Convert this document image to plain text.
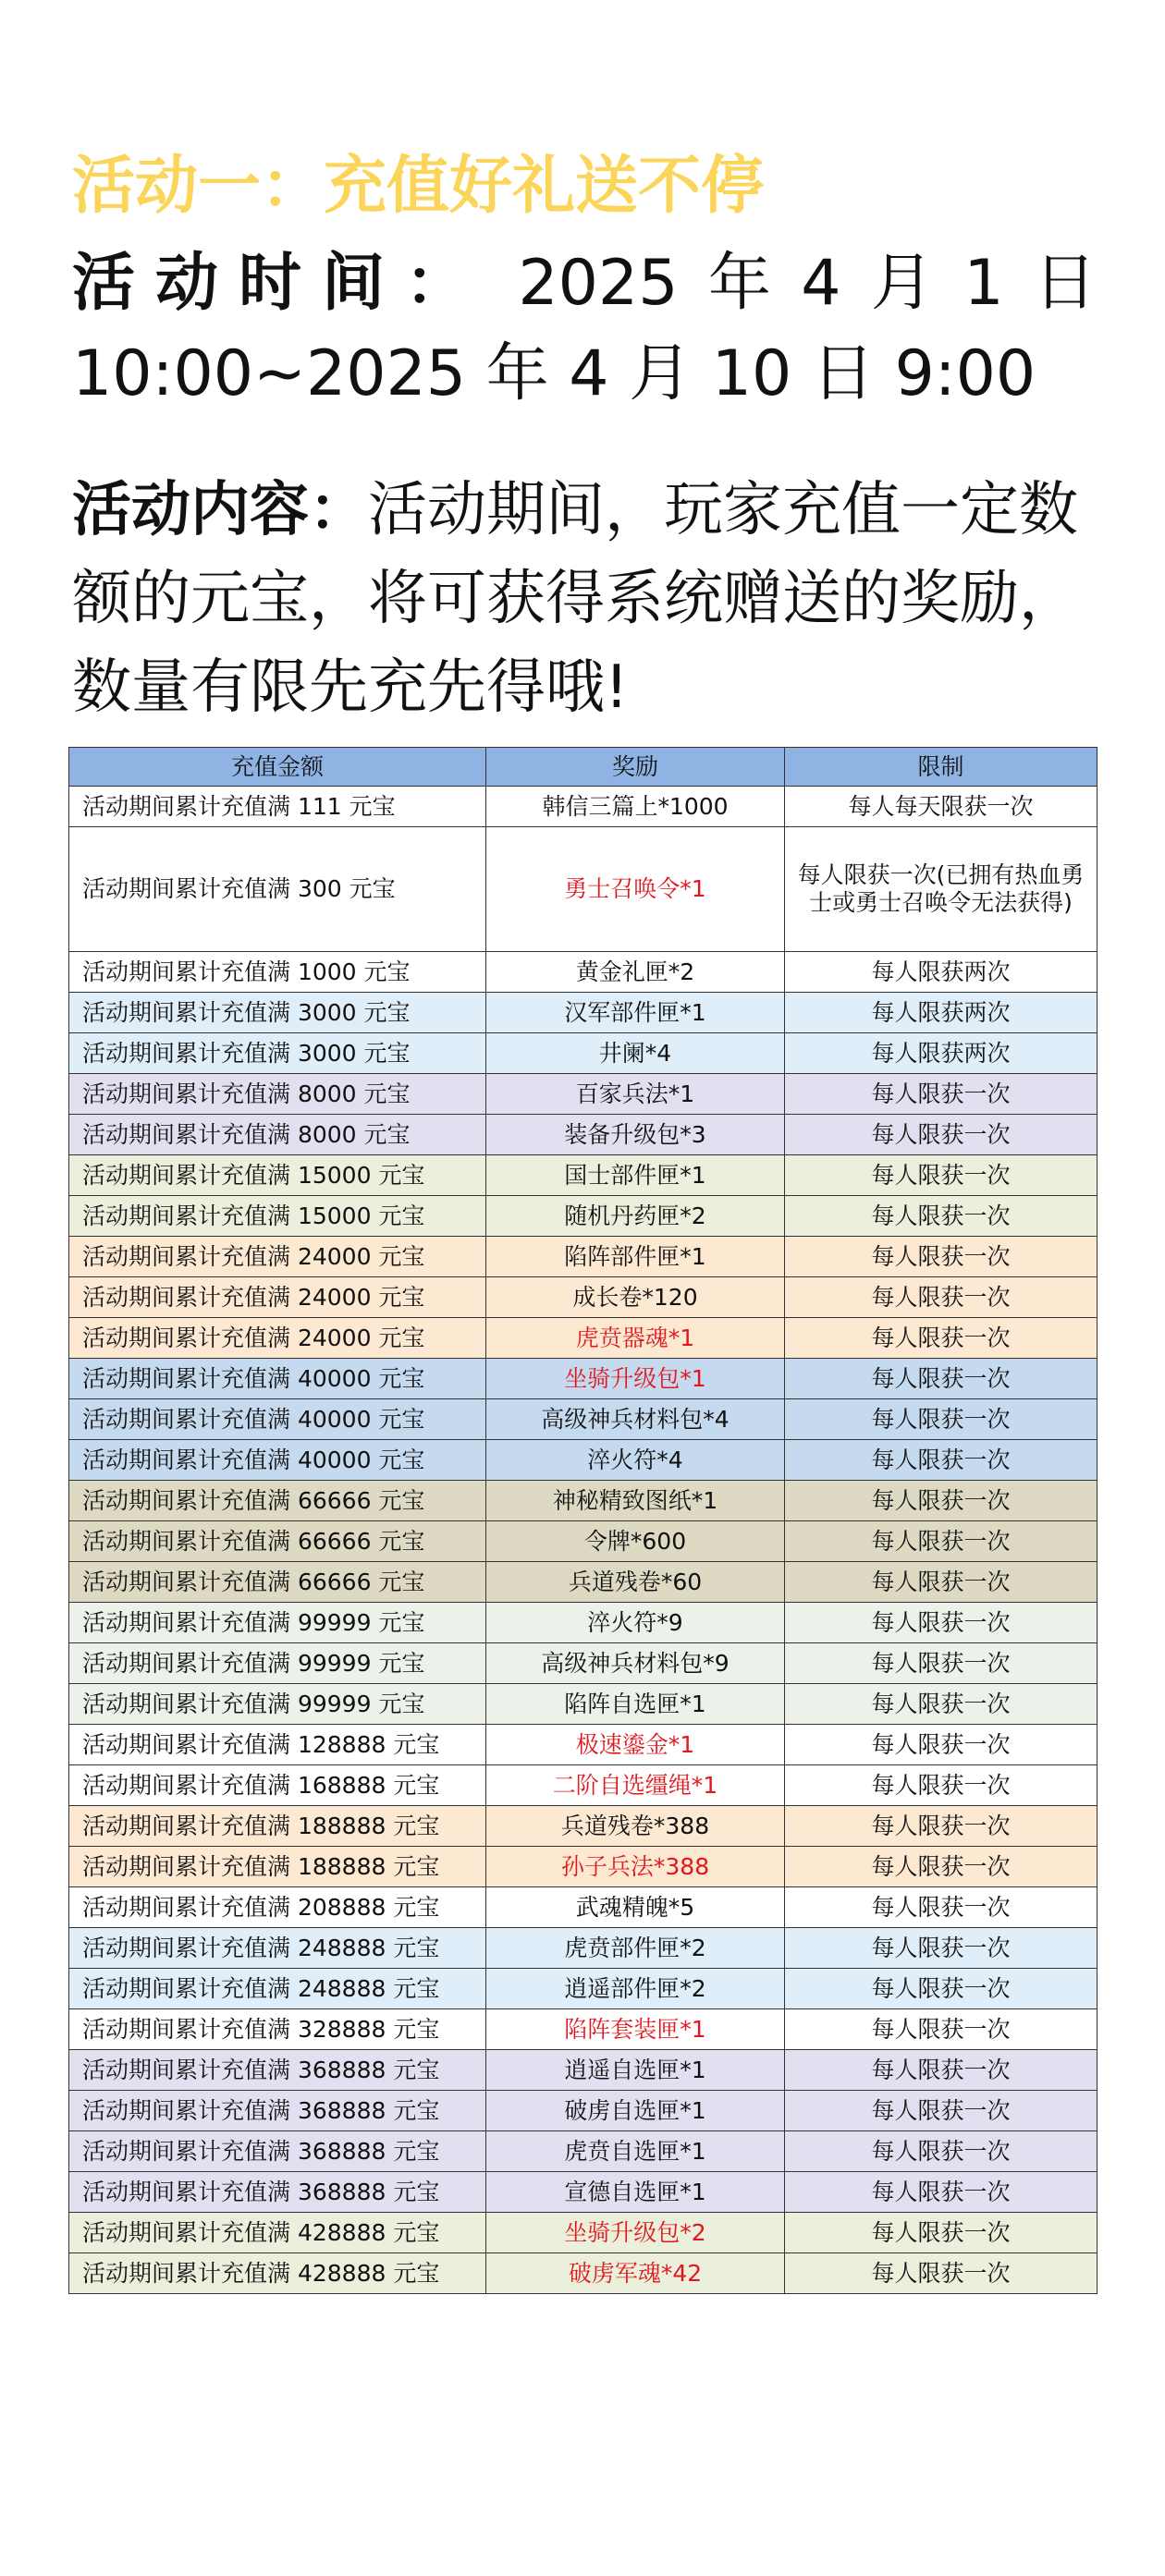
活动一：充值好礼送不停
活动时间： 2025 年 4 月 1 日
10:00~2025 年 4 月 10 日 9:00
活动内容：活动期间，玩家充值一定数额的元宝，将可获得系统赠送的奖励，数量有限先充先得哦!
充值金额	奖励	限制
活动期间累计充值满 111 元宝	韩信三篇上*1000	每人每天限获一次
活动期间累计充值满 300 元宝	勇士召唤令*1	每人限获一次(已拥有热血勇士或勇士召唤令无法获得)
活动期间累计充值满 1000 元宝	黄金礼匣*2	每人限获两次
活动期间累计充值满 3000 元宝	汉军部件匣*1	每人限获两次
活动期间累计充值满 3000 元宝	井阑*4	每人限获两次
活动期间累计充值满 8000 元宝	百家兵法*1	每人限获一次
活动期间累计充值满 8000 元宝	装备升级包*3	每人限获一次
活动期间累计充值满 15000 元宝	国士部件匣*1	每人限获一次
活动期间累计充值满 15000 元宝	随机丹药匣*2	每人限获一次
活动期间累计充值满 24000 元宝	陷阵部件匣*1	每人限获一次
活动期间累计充值满 24000 元宝	成长卷*120	每人限获一次
活动期间累计充值满 24000 元宝	虎贲器魂*1	每人限获一次
活动期间累计充值满 40000 元宝	坐骑升级包*1	每人限获一次
活动期间累计充值满 40000 元宝	高级神兵材料包*4	每人限获一次
活动期间累计充值满 40000 元宝	淬火符*4	每人限获一次
活动期间累计充值满 66666 元宝	神秘精致图纸*1	每人限获一次
活动期间累计充值满 66666 元宝	令牌*600	每人限获一次
活动期间累计充值满 66666 元宝	兵道残卷*60	每人限获一次
活动期间累计充值满 99999 元宝	淬火符*9	每人限获一次
活动期间累计充值满 99999 元宝	高级神兵材料包*9	每人限获一次
活动期间累计充值满 99999 元宝	陷阵自选匣*1	每人限获一次
活动期间累计充值满 128888 元宝	极速鎏金*1	每人限获一次
活动期间累计充值满 168888 元宝	二阶自选缰绳*1	每人限获一次
活动期间累计充值满 188888 元宝	兵道残卷*388	每人限获一次
活动期间累计充值满 188888 元宝	孙子兵法*388	每人限获一次
活动期间累计充值满 208888 元宝	武魂精魄*5	每人限获一次
活动期间累计充值满 248888 元宝	虎贲部件匣*2	每人限获一次
活动期间累计充值满 248888 元宝	逍遥部件匣*2	每人限获一次
活动期间累计充值满 328888 元宝	陷阵套装匣*1	每人限获一次
活动期间累计充值满 368888 元宝	逍遥自选匣*1	每人限获一次
活动期间累计充值满 368888 元宝	破虏自选匣*1	每人限获一次
活动期间累计充值满 368888 元宝	虎贲自选匣*1	每人限获一次
活动期间累计充值满 368888 元宝	宣德自选匣*1	每人限获一次
活动期间累计充值满 428888 元宝	坐骑升级包*2	每人限获一次
活动期间累计充值满 428888 元宝	破虏军魂*42	每人限获一次
